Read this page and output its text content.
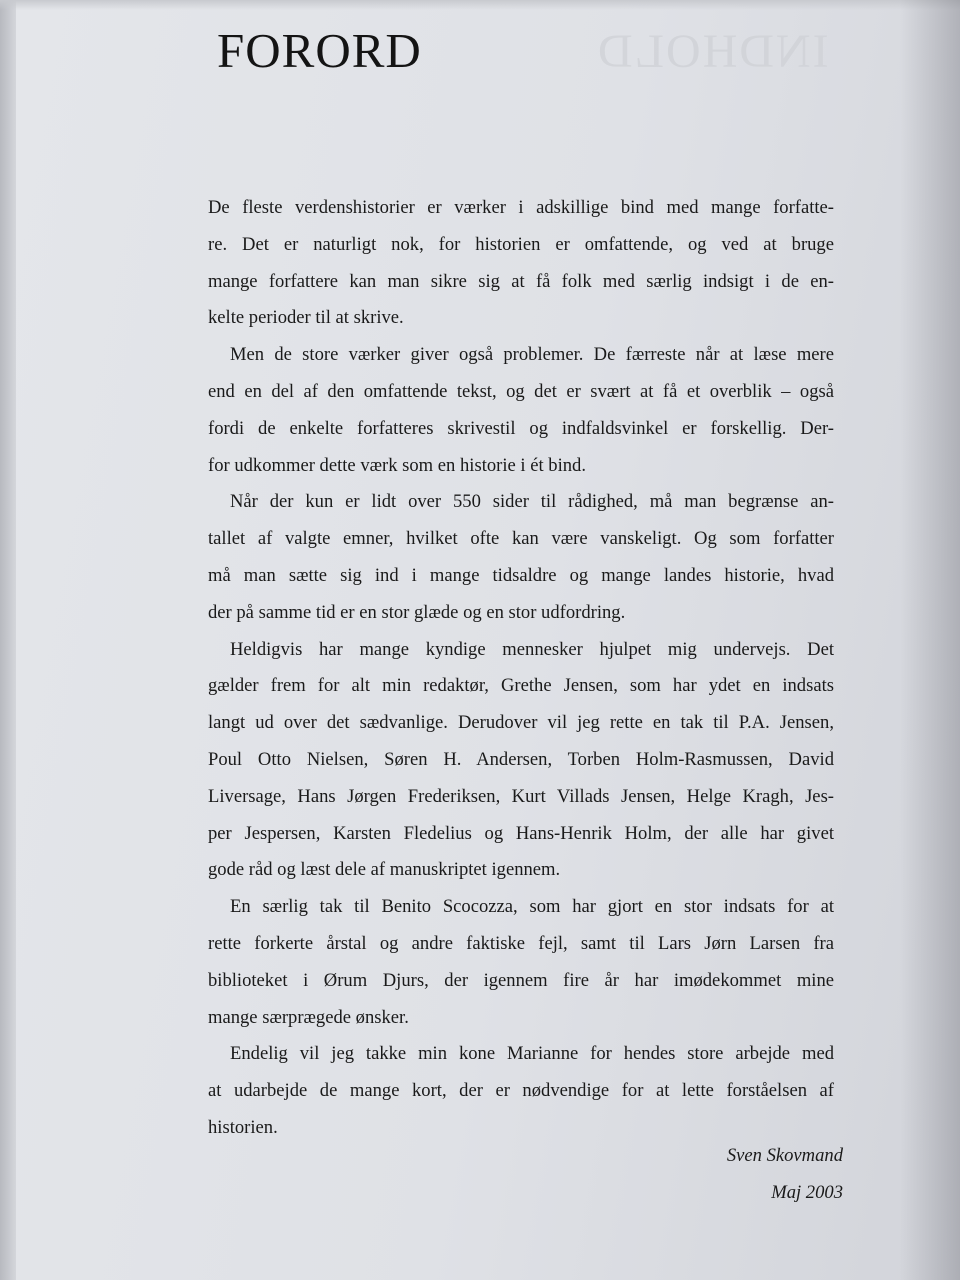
INDHOLD
FORORD

De fleste verdenshistorier er værker i adskillige bind med mange forfatte-
re. Det er naturligt nok, for historien er omfattende, og ved at bruge
mange forfattere kan man sikre sig at få folk med særlig indsigt i de en-
kelte perioder til at skrive.

Men de store værker giver også problemer. De færreste når at læse mere
end en del af den omfattende tekst, og det er svært at få et overblik – også
fordi de enkelte forfatteres skrivestil og indfaldsvinkel er forskellig. Der-
for udkommer dette værk som en historie i ét bind.

Når der kun er lidt over 550 sider til rådighed, må man begrænse an-
tallet af valgte emner, hvilket ofte kan være vanskeligt. Og som forfatter
må man sætte sig ind i mange tidsaldre og mange landes historie, hvad
der på samme tid er en stor glæde og en stor udfordring.

Heldigvis har mange kyndige mennesker hjulpet mig undervejs. Det
gælder frem for alt min redaktør, Grethe Jensen, som har ydet en indsats
langt ud over det sædvanlige. Derudover vil jeg rette en tak til P.A. Jensen,
Poul Otto Nielsen, Søren H. Andersen, Torben Holm-Rasmussen, David
Liversage, Hans Jørgen Frederiksen, Kurt Villads Jensen, Helge Kragh, Jes-
per Jespersen, Karsten Fledelius og Hans-Henrik Holm, der alle har givet
gode råd og læst dele af manuskriptet igennem.

En særlig tak til Benito Scocozza, som har gjort en stor indsats for at
rette forkerte årstal og andre faktiske fejl, samt til Lars Jørn Larsen fra
biblioteket i Ørum Djurs, der igennem fire år har imødekommet mine
mange særprægede ønsker.

Endelig vil jeg takke min kone Marianne for hendes store arbejde med
at udarbejde de mange kort, der er nødvendige for at lette forståelsen af
historien.

Sven Skovmand
Maj 2003
